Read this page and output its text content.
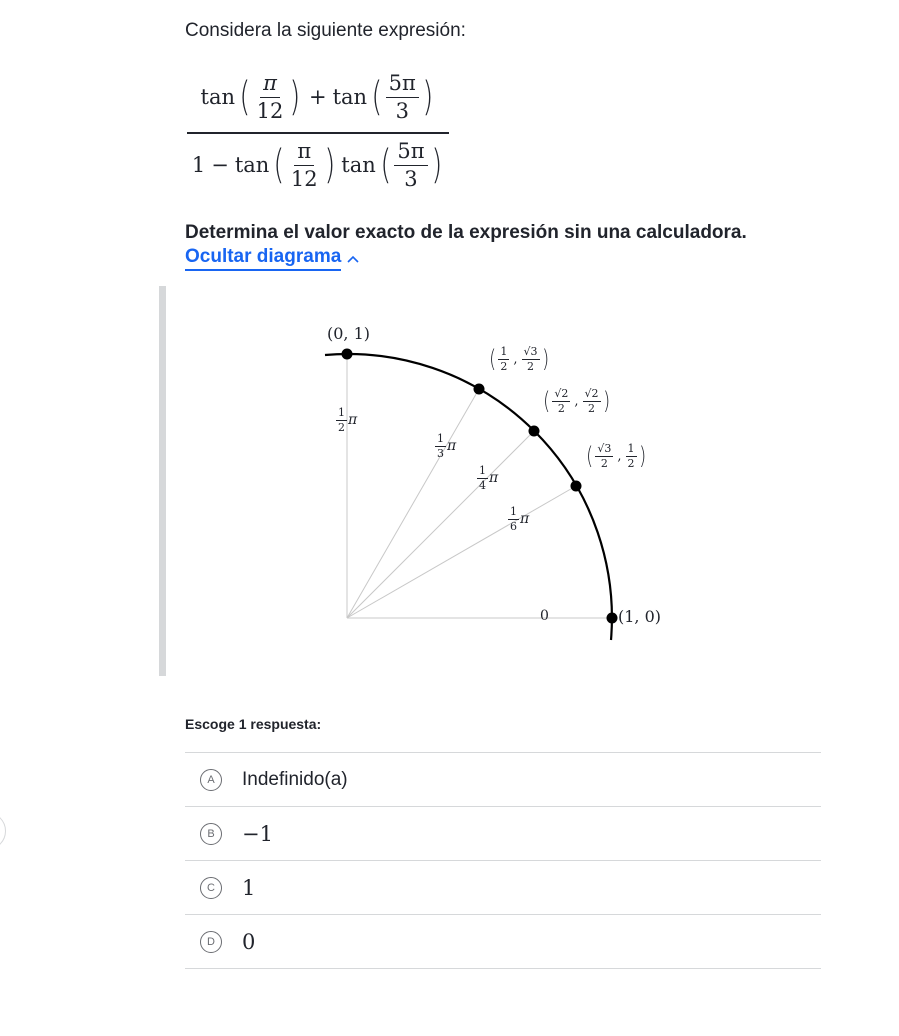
Considera la siguiente expresión:

tan ( $\frac{\pi}{12}$ ) + tan ( $\frac{5\pi}{3}$ )
1 − tan ( $\frac{\pi}{12}$ ) tan ( $\frac{5\pi}{3}$ )

Determina el valor exacto de la expresión sin una calculadora.

Ocultar diagrama
(0, 1)
(1, 0)
( 1
2 ,
√3
2 )
( √2
2 ,
√2
2 )
( √3
2 ,
1
2 )
1
2 π
1
3 π
1
4 π
1
6 π
0

Escoge 1 respuesta:

A	Indefinido(a)
B	−1
C	1
D	0
